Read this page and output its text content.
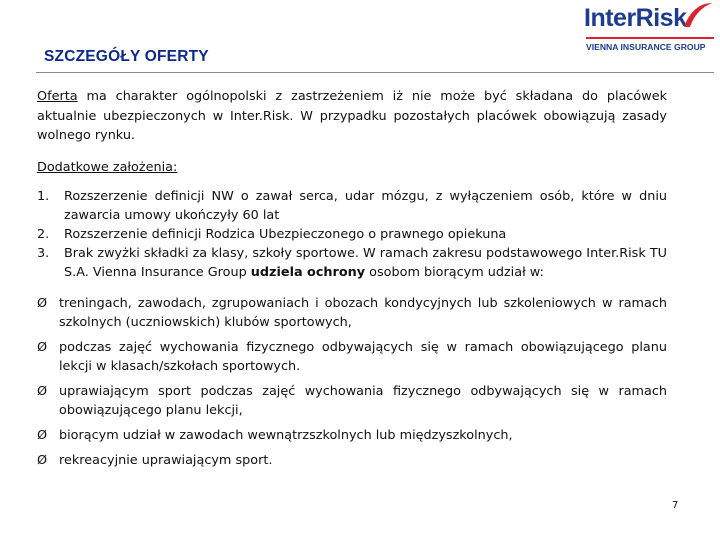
SZCZEGÓŁY OFERTY
InterRisk
VIENNA INSURANCE GROUP

Oferta ma charakter ogólnopolski z zastrzeżeniem iż nie może być składana do placówek aktualnie ubezpieczonych w Inter.Risk. W przypadku pozostałych placówek obowiązują zasady wolnego rynku.

Dodatkowe założenia:

1. Rozszerzenie definicji NW o zawał serca, udar mózgu, z wyłączeniem osób, które w dniu zawarcia umowy ukończyły 60 lat
2. Rozszerzenie definicji Rodzica Ubezpieczonego o prawnego opiekuna
3. Brak zwyżki składki za klasy, szkoły sportowe. W ramach zakresu podstawowego Inter.Risk TU S.A. Vienna Insurance Group udziela ochrony osobom biorącym udział w:
Ø treningach, zawodach, zgrupowaniach i obozach kondycyjnych lub szkoleniowych w ramach szkolnych (uczniowskich) klubów sportowych,
Ø podczas zajęć wychowania fizycznego odbywających się w ramach obowiązującego planu lekcji w klasach/szkołach sportowych.
Ø uprawiającym sport podczas zajęć wychowania fizycznego odbywających się w ramach obowiązującego planu lekcji,
Ø biorącym udział w zawodach wewnątrzszkolnych lub międzyszkolnych,
Ø rekreacyjnie uprawiającym sport.
7
